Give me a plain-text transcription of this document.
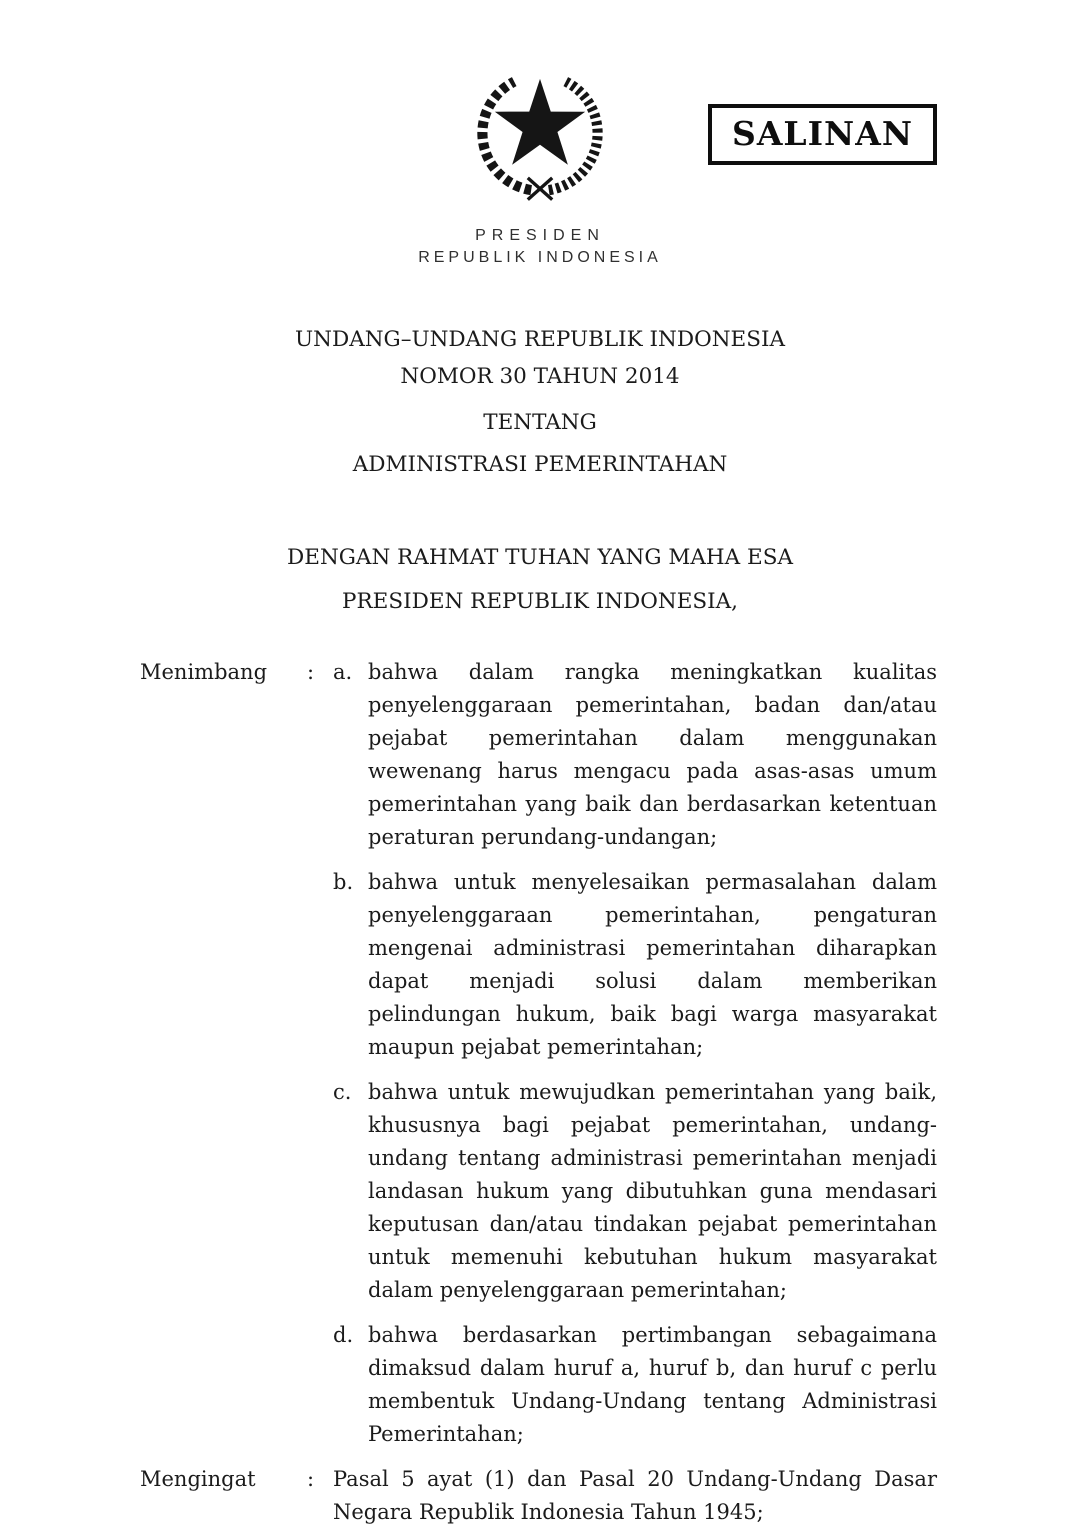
SALINAN
PRESIDEN
REPUBLIK INDONESIA
UNDANG–UNDANG REPUBLIK INDONESIA
NOMOR 30 TAHUN 2014
TENTANG
ADMINISTRASI PEMERINTAHAN
DENGAN RAHMAT TUHAN YANG MAHA ESA
PRESIDEN REPUBLIK INDONESIA,
Menimbang	: a. bahwa dalam rangka meningkatkan kualitas penyelenggaraan pemerintahan, badan dan/atau pejabat pemerintahan dalam menggunakan wewenang harus mengacu pada asas-asas umum pemerintahan yang baik dan berdasarkan ketentuan peraturan perundang-undangan;
b. bahwa untuk menyelesaikan permasalahan dalam penyelenggaraan pemerintahan, pengaturan mengenai administrasi pemerintahan diharapkan dapat menjadi solusi dalam memberikan pelindungan hukum, baik bagi warga masyarakat maupun pejabat pemerintahan;
c. bahwa untuk mewujudkan pemerintahan yang baik, khususnya bagi pejabat pemerintahan, undang-undang tentang administrasi pemerintahan menjadi landasan hukum yang dibutuhkan guna mendasari keputusan dan/atau tindakan pejabat pemerintahan untuk memenuhi kebutuhan hukum masyarakat dalam penyelenggaraan pemerintahan;
d. bahwa berdasarkan pertimbangan sebagaimana dimaksud dalam huruf a, huruf b, dan huruf c perlu membentuk Undang-Undang tentang Administrasi Pemerintahan;
Mengingat	: Pasal 5 ayat (1) dan Pasal 20 Undang-Undang Dasar Negara Republik Indonesia Tahun 1945;
